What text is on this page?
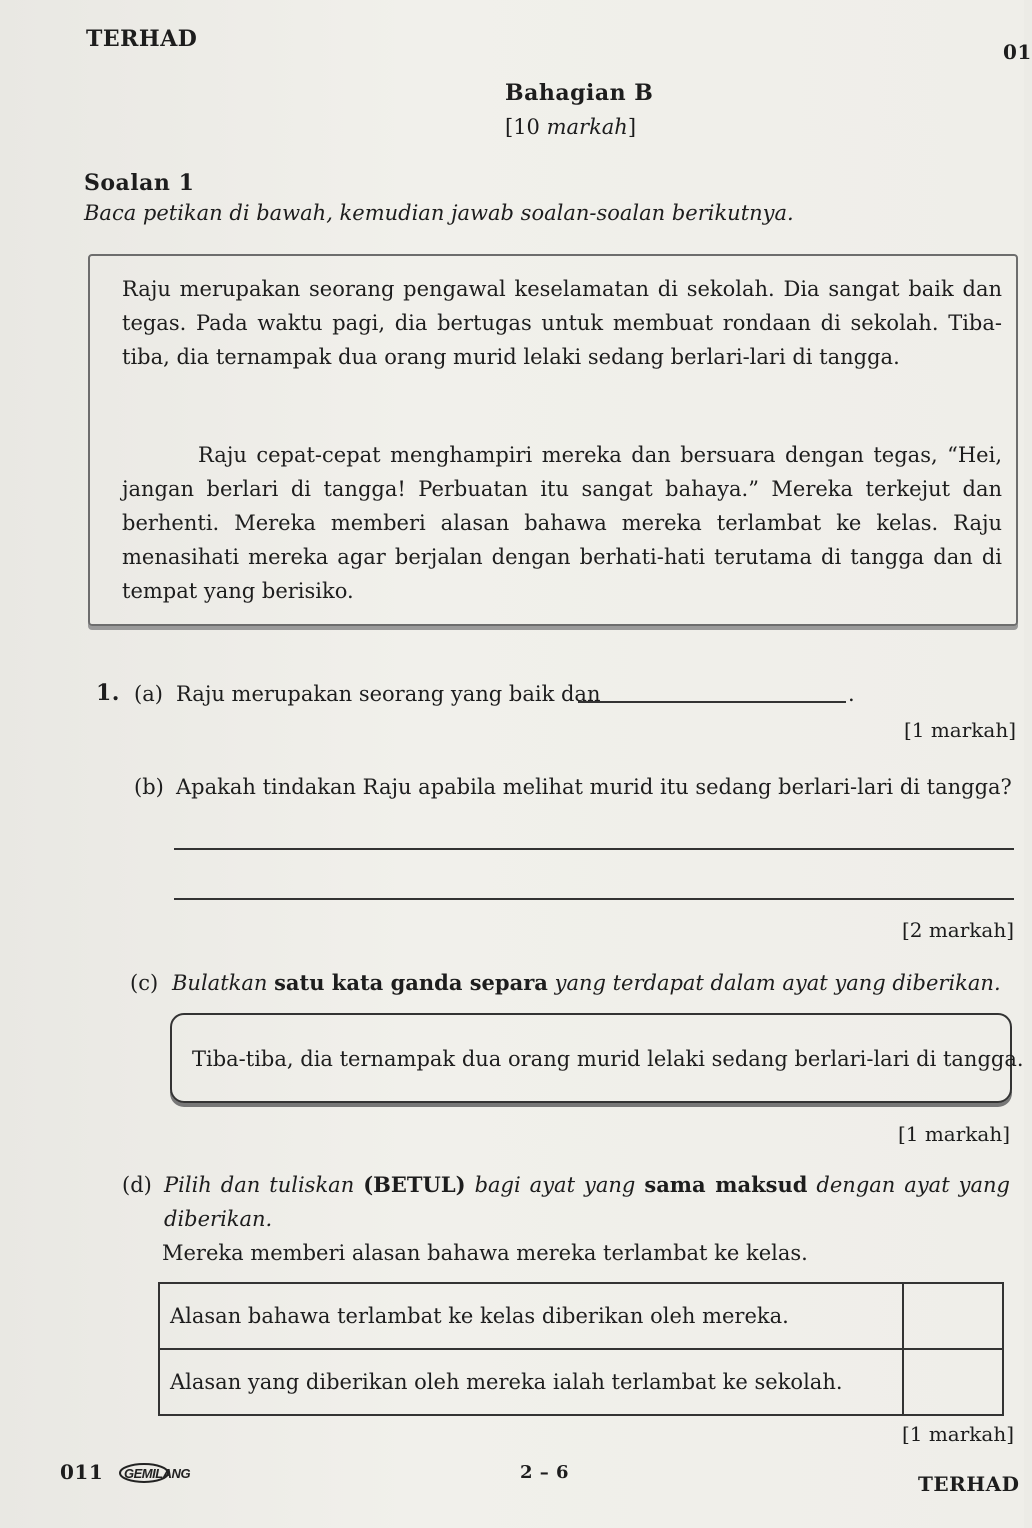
TERHAD	01
Bahagian B
[10 markah]
Soalan 1
Baca petikan di bawah, kemudian jawab soalan-soalan berikutnya.
Raju merupakan seorang pengawal keselamatan di sekolah. Dia sangat baik dan tegas. Pada waktu pagi, dia bertugas untuk membuat rondaan di sekolah. Tiba-tiba, dia ternampak dua orang murid lelaki sedang berlari-lari di tangga.
Raju cepat-cepat menghampiri mereka dan bersuara dengan tegas, “Hei, jangan berlari di tangga! Perbuatan itu sangat bahaya.” Mereka terkejut dan berhenti. Mereka memberi alasan bahawa mereka terlambat ke kelas. Raju menasihati mereka agar berjalan dengan berhati-hati terutama di tangga dan di tempat yang berisiko.
1. (a) Raju merupakan seorang yang baik dan	.
[1 markah]
(b) Apakah tindakan Raju apabila melihat murid itu sedang berlari-lari di tangga?
[2 markah]
(c) Bulatkan satu kata ganda separa yang terdapat dalam ayat yang diberikan.
Tiba-tiba, dia ternampak dua orang murid lelaki sedang berlari-lari di tangga.
[1 markah]
(d) Pilih dan tuliskan (BETUL) bagi ayat yang sama maksud dengan ayat yang diberikan.
Mereka memberi alasan bahawa mereka terlambat ke kelas.
Alasan bahawa terlambat ke kelas diberikan oleh mereka.	
Alasan yang diberikan oleh mereka ialah terlambat ke sekolah.	
[1 markah]
011 GEMILANG	2 – 6	TERHAD
